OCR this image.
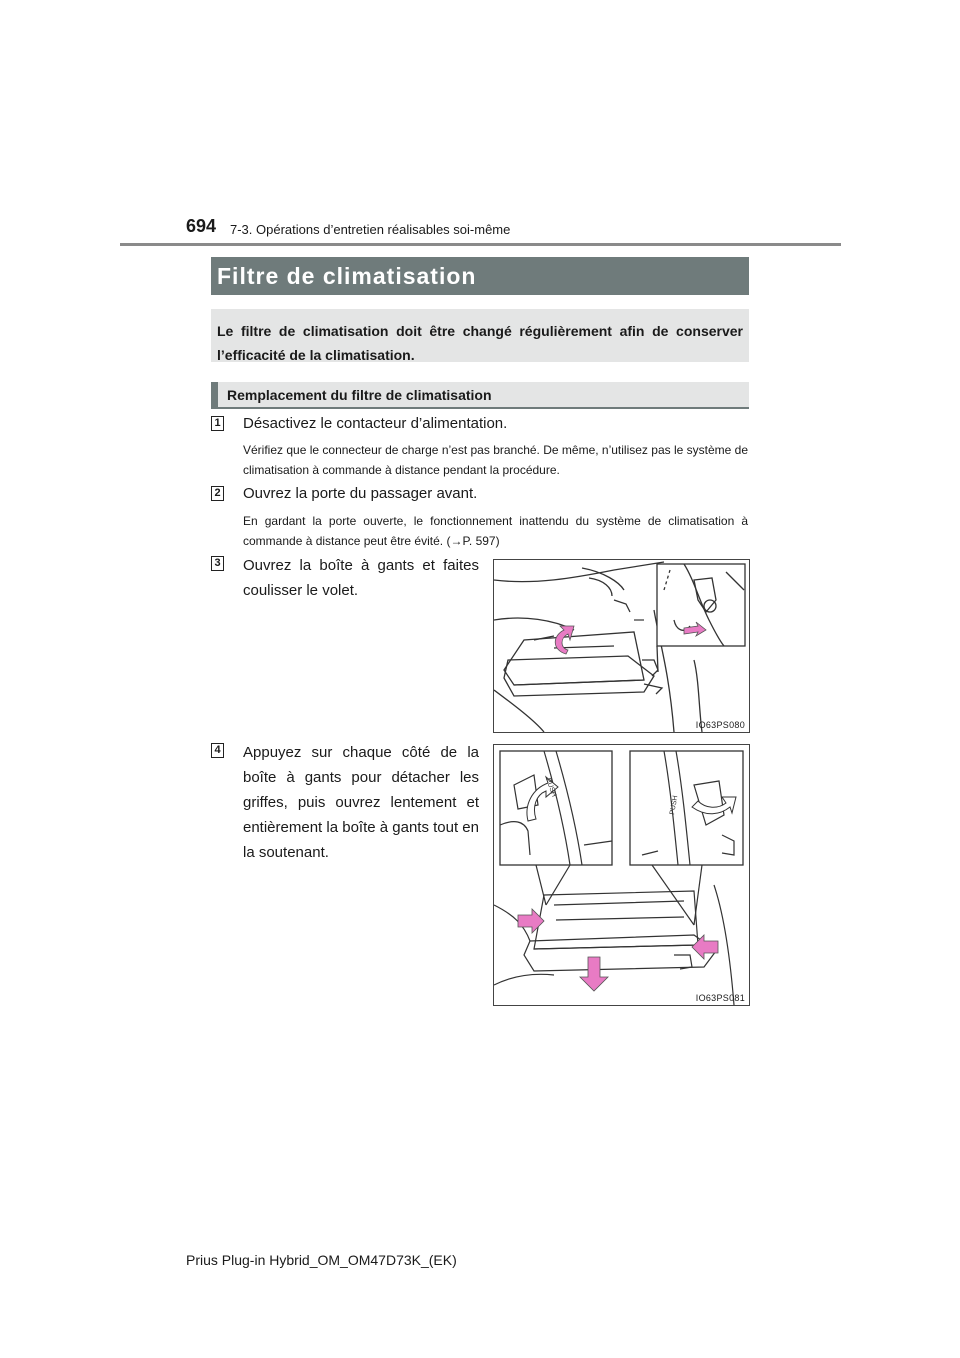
694 7-3. Opérations d’entretien réalisables soi-même
Filtre de climatisation
Le filtre de climatisation doit être changé régulièrement afin de conserver l’efficacité de la climatisation.
Remplacement du filtre de climatisation
1 Désactivez le contacteur d’alimentation.
Vérifiez que le connecteur de charge n’est pas branché. De même, n’utilisez pas le système de climatisation à commande à distance pendant la procédure.
2 Ouvrez la porte du passager avant.
En gardant la porte ouverte, le fonctionnement inattendu du système de climatisation à commande à distance peut être évité. (→P. 597)
3 Ouvrez la boîte à gants et faites coulisser le volet.
IO63PS080
4 Appuyez sur chaque côté de la boîte à gants pour détacher les griffes, puis ouvrez lentement et entièrement la boîte à gants tout en la soutenant.
PUSH
PUSH
IO63PS081
Prius Plug-in Hybrid_OM_OM47D73K_(EK)
